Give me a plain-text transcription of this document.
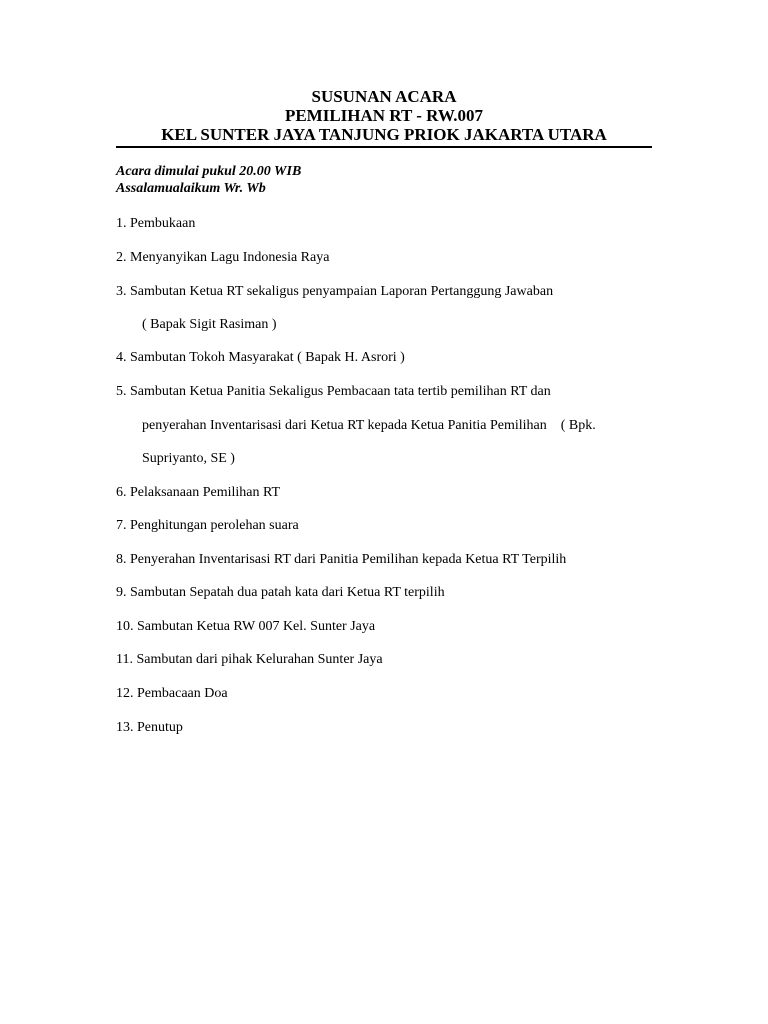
SUSUNAN ACARA
PEMILIHAN RT - RW.007
KEL SUNTER JAYA TANJUNG PRIOK JAKARTA UTARA
Acara dimulai pukul 20.00 WIB
Assalamualaikum Wr. Wb
1. Pembukaan
2. Menyanyikan Lagu Indonesia Raya
3. Sambutan Ketua RT sekaligus penyampaian Laporan Pertanggung Jawaban
( Bapak Sigit Rasiman )
4. Sambutan Tokoh Masyarakat ( Bapak H. Asrori )
5. Sambutan Ketua Panitia Sekaligus Pembacaan tata tertib pemilihan RT dan
penyerahan Inventarisasi dari Ketua RT kepada Ketua Panitia Pemilihan    ( Bpk.
Supriyanto, SE )
6. Pelaksanaan Pemilihan RT
7. Penghitungan perolehan suara
8. Penyerahan Inventarisasi RT dari Panitia Pemilihan kepada Ketua RT Terpilih
9. Sambutan Sepatah dua patah kata dari Ketua RT terpilih
10. Sambutan Ketua RW 007 Kel. Sunter Jaya
11. Sambutan dari pihak Kelurahan Sunter Jaya
12. Pembacaan Doa
13. Penutup
